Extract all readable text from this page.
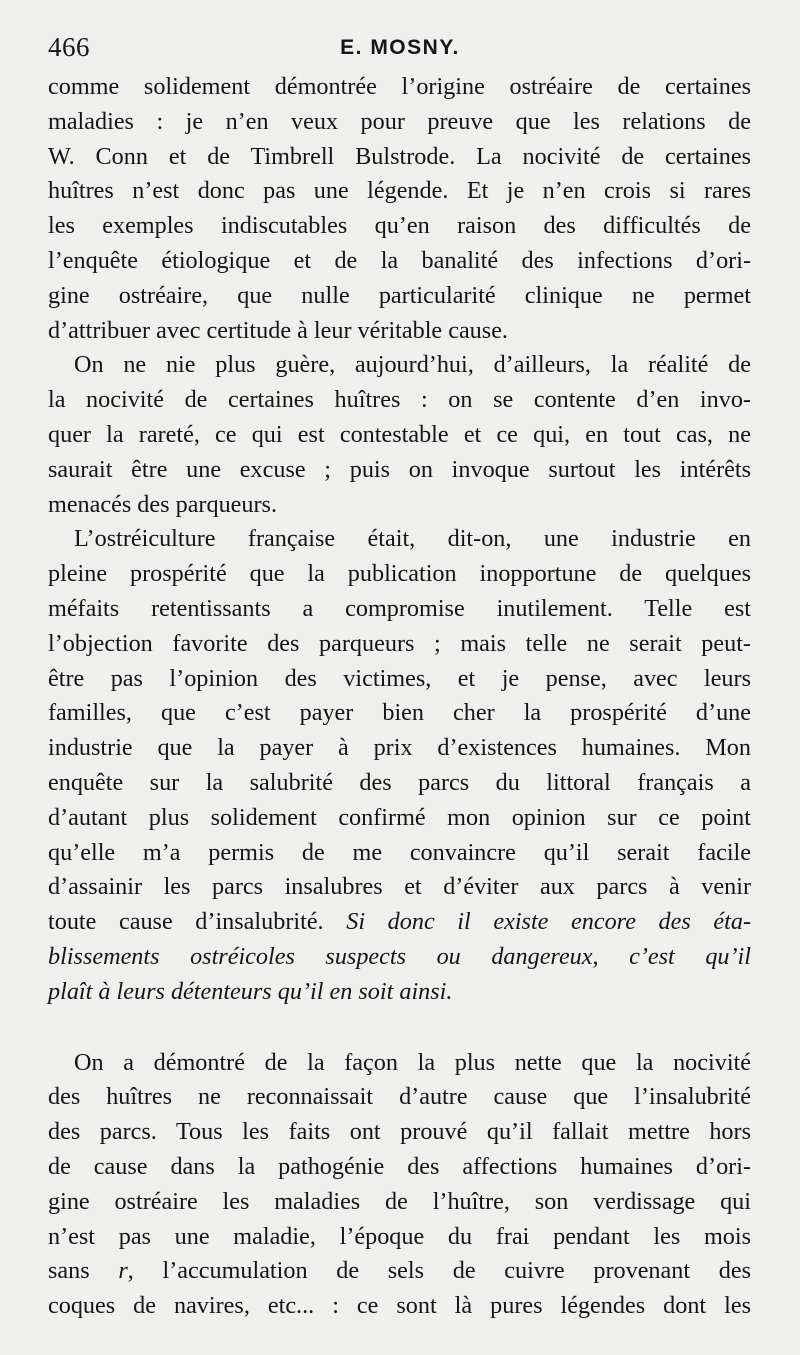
466	E. MOSNY.
comme solidement démontrée l’origine ostréaire de certaines
maladies : je n’en veux pour preuve que les relations de
W. Conn et de Timbrell Bulstrode. La nocivité de certaines
huîtres n’est donc pas une légende. Et je n’en crois si rares
les exemples indiscutables qu’en raison des difficultés de
l’enquête étiologique et de la banalité des infections d’ori-
gine ostréaire, que nulle particularité clinique ne permet
d’attribuer avec certitude à leur véritable cause.
On ne nie plus guère, aujourd’hui, d’ailleurs, la réalité de
la nocivité de certaines huîtres : on se contente d’en invo-
quer la rareté, ce qui est contestable et ce qui, en tout cas, ne
saurait être une excuse ; puis on invoque surtout les intérêts
menacés des parqueurs.
L’ostréiculture française était, dit-on, une industrie en
pleine prospérité que la publication inopportune de quelques
méfaits retentissants a compromise inutilement. Telle est
l’objection favorite des parqueurs ; mais telle ne serait peut-
être pas l’opinion des victimes, et je pense, avec leurs
familles, que c’est payer bien cher la prospérité d’une
industrie que la payer à prix d’existences humaines. Mon
enquête sur la salubrité des parcs du littoral français a
d’autant plus solidement confirmé mon opinion sur ce point
qu’elle m’a permis de me convaincre qu’il serait facile
d’assainir les parcs insalubres et d’éviter aux parcs à venir
toute cause d’insalubrité. Si donc il existe encore des éta-
blissements ostréicoles suspects ou dangereux, c’est qu’il
plaît à leurs détenteurs qu’il en soit ainsi.
On a démontré de la façon la plus nette que la nocivité
des huîtres ne reconnaissait d’autre cause que l’insalubrité
des parcs. Tous les faits ont prouvé qu’il fallait mettre hors
de cause dans la pathogénie des affections humaines d’ori-
gine ostréaire les maladies de l’huître, son verdissage qui
n’est pas une maladie, l’époque du frai pendant les mois
sans r, l’accumulation de sels de cuivre provenant des
coques de navires, etc... : ce sont là pures légendes dont les
